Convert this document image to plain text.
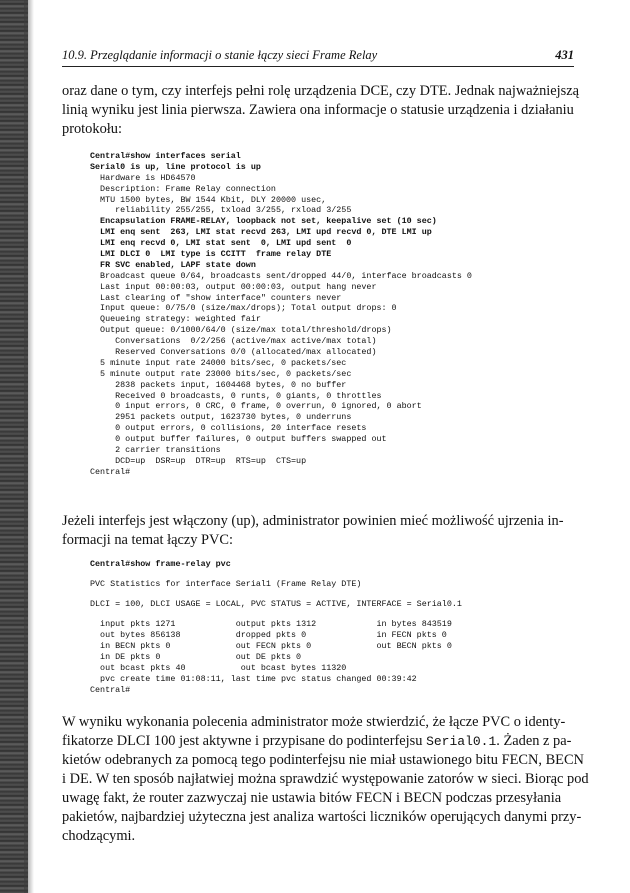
10.9. Przeglądanie informacji o stanie łączy sieci Frame Relay	431
oraz dane o tym, czy interfejs pełni rolę urządzenia DCE, czy DTE. Jednak najważniejszą
linią wyniku jest linia pierwsza. Zawiera ona informacje o statusie urządzenia i działaniu
protokołu:
Central#show interfaces serial
Serial0 is up, line protocol is up
Hardware is HD64570
Description: Frame Relay connection
MTU 1500 bytes, BW 1544 Kbit, DLY 20000 usec,
reliability 255/255, txload 3/255, rxload 3/255
Encapsulation FRAME-RELAY, loopback not set, keepalive set (10 sec)
LMI enq sent  263, LMI stat recvd 263, LMI upd recvd 0, DTE LMI up
LMI enq recvd 0, LMI stat sent  0, LMI upd sent  0
LMI DLCI 0  LMI type is CCITT  frame relay DTE
FR SVC enabled, LAPF state down
Broadcast queue 0/64, broadcasts sent/dropped 44/0, interface broadcasts 0
Last input 00:00:03, output 00:00:03, output hang never
Last clearing of "show interface" counters never
Input queue: 0/75/0 (size/max/drops); Total output drops: 0
Queueing strategy: weighted fair
Output queue: 0/1000/64/0 (size/max total/threshold/drops)
Conversations  0/2/256 (active/max active/max total)
Reserved Conversations 0/0 (allocated/max allocated)
5 minute input rate 24000 bits/sec, 0 packets/sec
5 minute output rate 23000 bits/sec, 0 packets/sec
2838 packets input, 1604468 bytes, 0 no buffer
Received 0 broadcasts, 0 runts, 0 giants, 0 throttles
0 input errors, 0 CRC, 0 frame, 0 overrun, 0 ignored, 0 abort
2951 packets output, 1623730 bytes, 0 underruns
0 output errors, 0 collisions, 20 interface resets
0 output buffer failures, 0 output buffers swapped out
2 carrier transitions
DCD=up  DSR=up  DTR=up  RTS=up  CTS=up
Central#
Jeżeli interfejs jest włączony (up), administrator powinien mieć możliwość ujrzenia in-
formacji na temat łączy PVC:
Central#show frame-relay pvc
PVC Statistics for interface Serial1 (Frame Relay DTE)
DLCI = 100, DLCI USAGE = LOCAL, PVC STATUS = ACTIVE, INTERFACE = Serial0.1
input pkts 1271            output pkts 1312            in bytes 843519
out bytes 856138           dropped pkts 0              in FECN pkts 0
in BECN pkts 0             out FECN pkts 0             out BECN pkts 0
in DE pkts 0               out DE pkts 0
out bcast pkts 40           out bcast bytes 11320
pvc create time 01:08:11, last time pvc status changed 00:39:42
Central#
W wyniku wykonania polecenia administrator może stwierdzić, że łącze PVC o identy-
fikatorze DLCI 100 jest aktywne i przypisane do podinterfejsu Serial0.1. Żaden z pa-
kietów odebranych za pomocą tego podinterfejsu nie miał ustawionego bitu FECN, BECN
i DE. W ten sposób najłatwiej można sprawdzić występowanie zatorów w sieci. Biorąc pod
uwagę fakt, że router zazwyczaj nie ustawia bitów FECN i BECN podczas przesyłania
pakietów, najbardziej użyteczna jest analiza wartości liczników operujących danymi przy-
chodzącymi.
